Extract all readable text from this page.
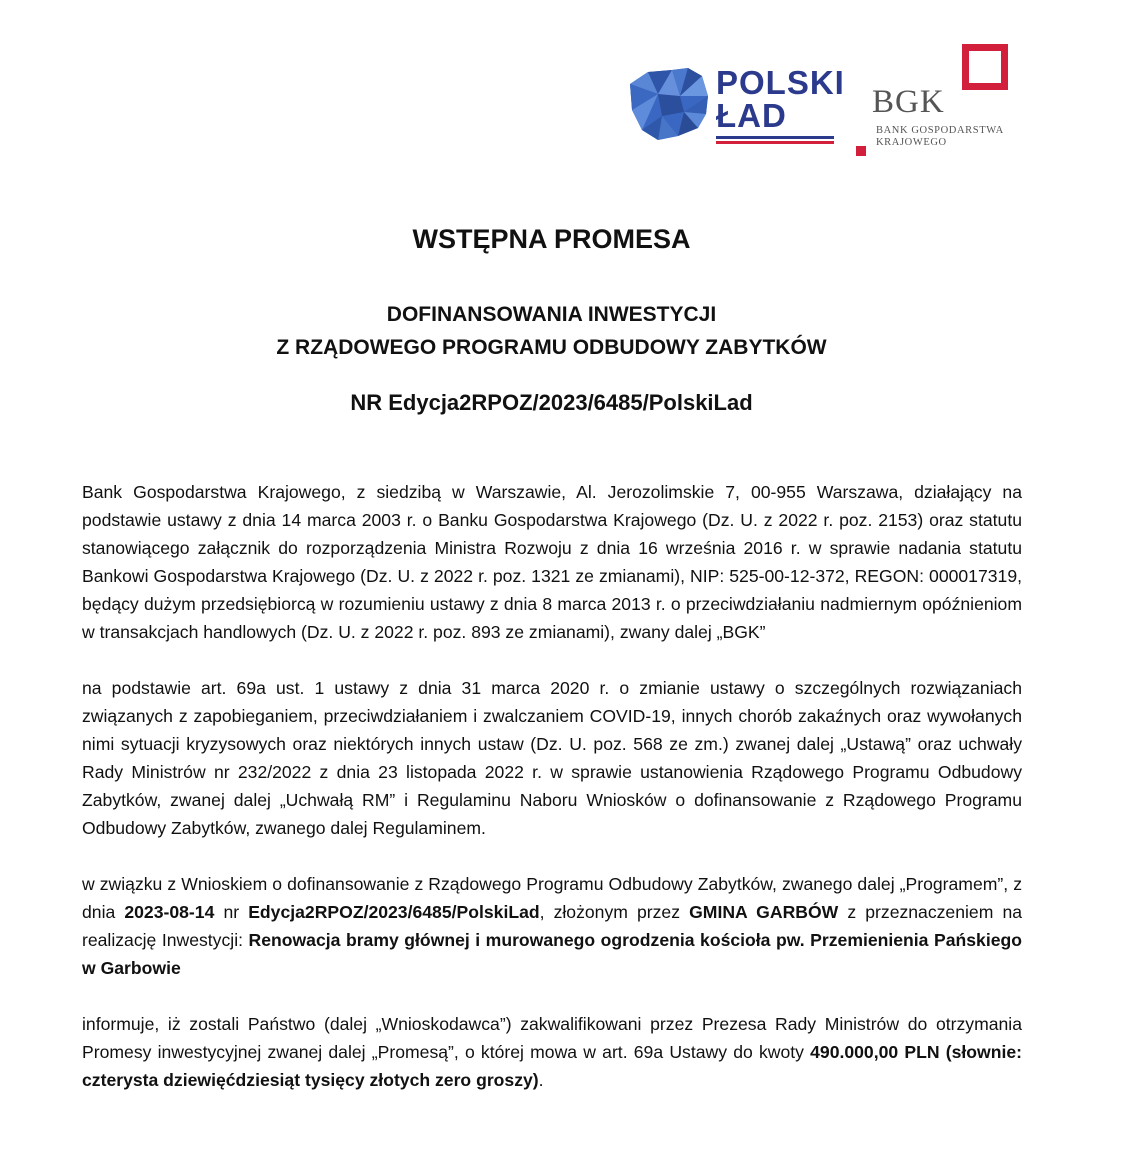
POLSKI
ŁAD	BGK
BANK GOSPODARSTWA
KRAJOWEGO
WSTĘPNA PROMESA
DOFINANSOWANIA INWESTYCJI
Z RZĄDOWEGO PROGRAMU ODBUDOWY ZABYTKÓW
NR Edycja2RPOZ/2023/6485/PolskiLad

Bank Gospodarstwa Krajowego, z siedzibą w Warszawie, Al. Jerozolimskie 7, 00-955 Warszawa, działający na podstawie ustawy z dnia 14 marca 2003 r. o Banku Gospodarstwa Krajowego (Dz. U. z 2022 r. poz. 2153) oraz statutu stanowiącego załącznik do rozporządzenia Ministra Rozwoju z dnia 16 września 2016 r. w sprawie nadania statutu Bankowi Gospodarstwa Krajowego (Dz. U. z 2022 r. poz. 1321 ze zmianami), NIP: 525-00-12-372, REGON: 000017319, będący dużym przedsiębiorcą w rozumieniu ustawy z dnia 8 marca 2013 r. o przeciwdziałaniu nadmiernym opóźnieniom w transakcjach handlowych (Dz. U. z 2022 r. poz. 893 ze zmianami), zwany dalej „BGK”

na podstawie art. 69a ust. 1 ustawy z dnia 31 marca 2020 r. o zmianie ustawy o szczególnych rozwiązaniach związanych z zapobieganiem, przeciwdziałaniem i zwalczaniem COVID-19, innych chorób zakaźnych oraz wywołanych nimi sytuacji kryzysowych oraz niektórych innych ustaw (Dz. U. poz. 568 ze zm.) zwanej dalej „Ustawą” oraz uchwały Rady Ministrów nr 232/2022 z dnia 23 listopada 2022 r. w sprawie ustanowienia Rządowego Programu Odbudowy Zabytków, zwanej dalej „Uchwałą RM” i Regulaminu Naboru Wniosków o dofinansowanie z Rządowego Programu Odbudowy Zabytków, zwanego dalej Regulaminem.

w związku z Wnioskiem o dofinansowanie z Rządowego Programu Odbudowy Zabytków, zwanego dalej „Programem”, z dnia 2023-08-14 nr Edycja2RPOZ/2023/6485/PolskiLad, złożonym przez GMINA GARBÓW z przeznaczeniem na realizację Inwestycji: Renowacja bramy głównej i murowanego ogrodzenia kościoła pw. Przemienienia Pańskiego w Garbowie

informuje, iż zostali Państwo (dalej „Wnioskodawca”) zakwalifikowani przez Prezesa Rady Ministrów do otrzymania Promesy inwestycyjnej zwanej dalej „Promesą”, o której mowa w art. 69a Ustawy do kwoty 490.000,00 PLN (słownie: czterysta dziewięćdziesiąt tysięcy złotych zero groszy).
